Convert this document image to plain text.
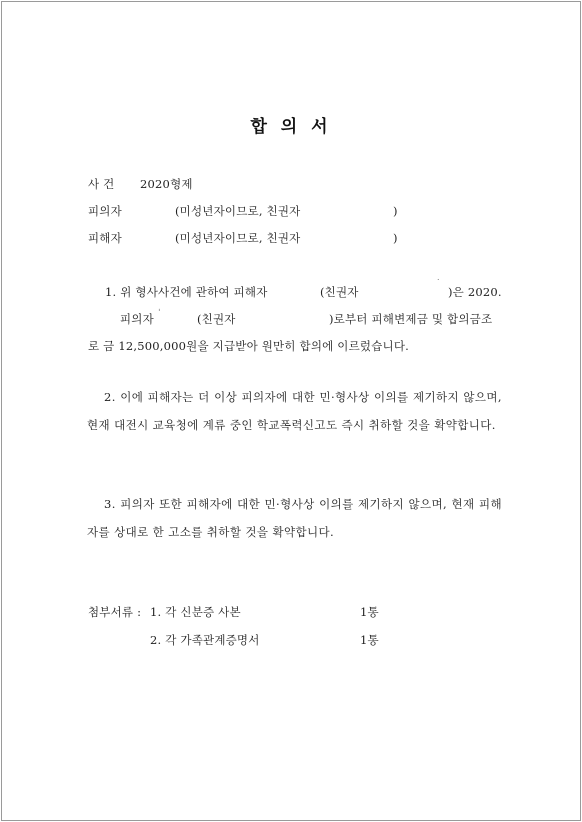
합 의 서
사 건 2020형제
피의자	(미성년자이므로, 친권자	)
피해자	(미성년자이므로, 친권자	)
1. 위 형사사건에 관하여 피해자	(친권자	)은 2020.
˙
피의자 ˈ	(친권자	)로부터 피해변제금 및 합의금조
로 금 12,500,000원을 지급받아 원만히 합의에 이르렀습니다.
2. 이에 피해자는 더 이상 피의자에 대한 민·형사상 이의를 제기하지 않으며, 현재 대전시 교육청에 계류 중인 학교폭력신고도 즉시 취하할 것을 확약합니다.
3. 피의자 또한 피해자에 대한 민·형사상 이의를 제기하지 않으며, 현재 피해자를 상대로 한 고소를 취하할 것을 확약합니다.
첨부서류 : 1. 각 신분증 사본	1통
2. 각 가족관계증명서	1통
